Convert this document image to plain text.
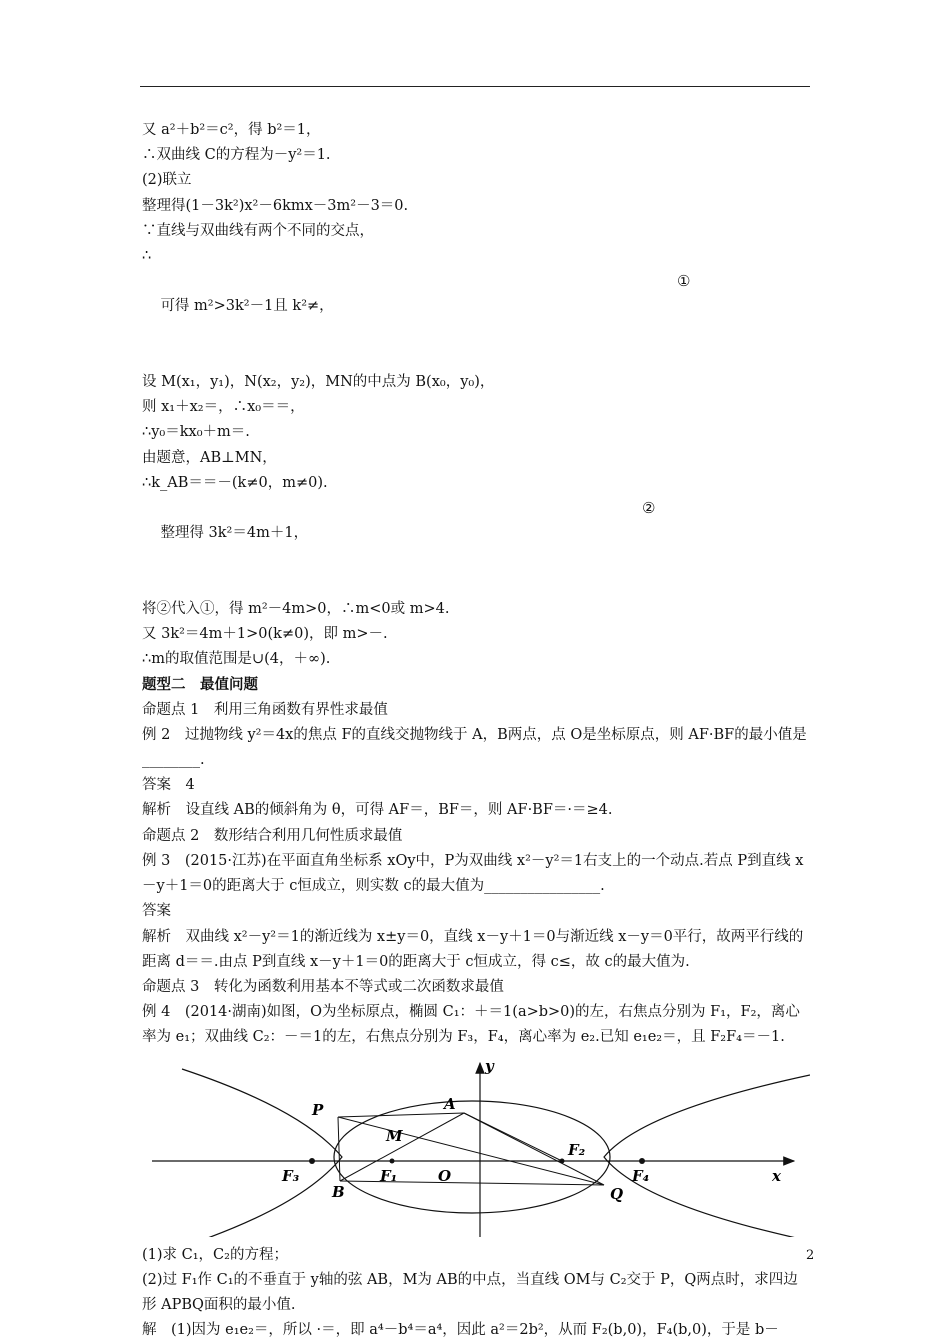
又 a²＋b²＝c²，得 b²＝1，
∴双曲线 C的方程为－y²＝1.
(2)联立
整理得(1－3k²)x²－6kmx－3m²－3＝0.
∵直线与双曲线有两个不同的交点，
∴

可得 m²>3k²－1且 k²≠，

①

设 M(x₁，y₁)，N(x₂，y₂)，MN的中点为 B(x₀，y₀)，
则 x₁＋x₂＝，∴x₀＝＝，
∴y₀＝kx₀＋m＝.
由题意，AB⊥MN，
∴k_AB＝＝－(k≠0，m≠0).

整理得 3k²＝4m＋1，

②

将②代入①，得 m²－4m>0，∴m<0或 m>4.
又 3k²＝4m＋1>0(k≠0)，即 m>－.
∴m的取值范围是∪(4，＋∞).
题型二　最值问题
命题点 1　利用三角函数有界性求最值
例 2　过抛物线 y²＝4x的焦点 F的直线交抛物线于 A，B两点，点 O是坐标原点，则 AF·BF的最小值是________.
答案　4
解析　设直线 AB的倾斜角为 θ，可得 AF＝，BF＝，则 AF·BF＝·＝≥4.
命题点 2　数形结合利用几何性质求最值
例 3　(2015·江苏)在平面直角坐标系 xOy中，P为双曲线 x²－y²＝1右支上的一个动点.若点 P到直线 x－y＋1＝0的距离大于 c恒成立，则实数 c的最大值为________________.
答案
解析　双曲线 x²－y²＝1的渐近线为 x±y＝0，直线 x－y＋1＝0与渐近线 x－y＝0平行，故两平行线的距离 d＝＝.由点 P到直线 x－y＋1＝0的距离大于 c恒成立，得 c≤，故 c的最大值为.
命题点 3　转化为函数利用基本不等式或二次函数求最值
例 4　(2014·湖南)如图，O为坐标原点，椭圆 C₁：＋＝1(a>b>0)的左，右焦点分别为 F₁，F₂，离心率为 e₁；双曲线 C₂：－＝1的左，右焦点分别为 F₃，F₄，离心率为 e₂.已知 e₁e₂＝，且 F₂F₄＝－1.
y
x
P	A
M
F₁	O
F₂
F₃	F₄
B	Q
(1)求 C₁，C₂的方程；
(2)过 F₁作 C₁的不垂直于 y轴的弦 AB，M为 AB的中点，当直线 OM与 C₂交于 P，Q两点时，求四边形 APBQ面积的最小值.
解　(1)因为 e₁e₂＝，所以 ·＝，即 a⁴－b⁴＝a⁴，因此 a²＝2b²，从而 F₂(b,0)，F₄(b,0)，于是 b－
2
